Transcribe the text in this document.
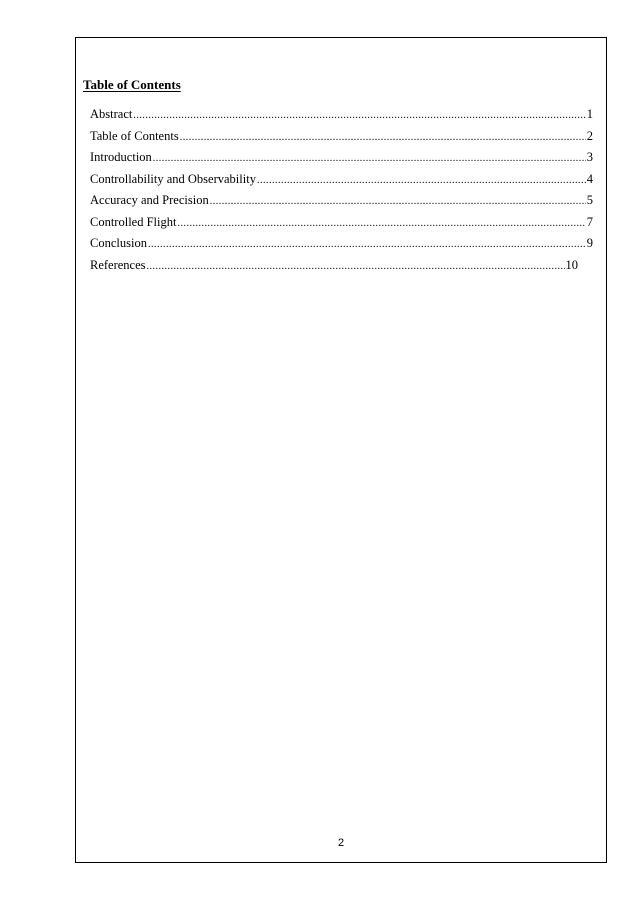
Table of Contents
Abstract .....	1
Table of Contents .....	2
Introduction .....	3
Controllability and Observability .....	4
Accuracy and Precision .....	5
Controlled Flight .....	7
Conclusion .....	9
References .....	10
2
